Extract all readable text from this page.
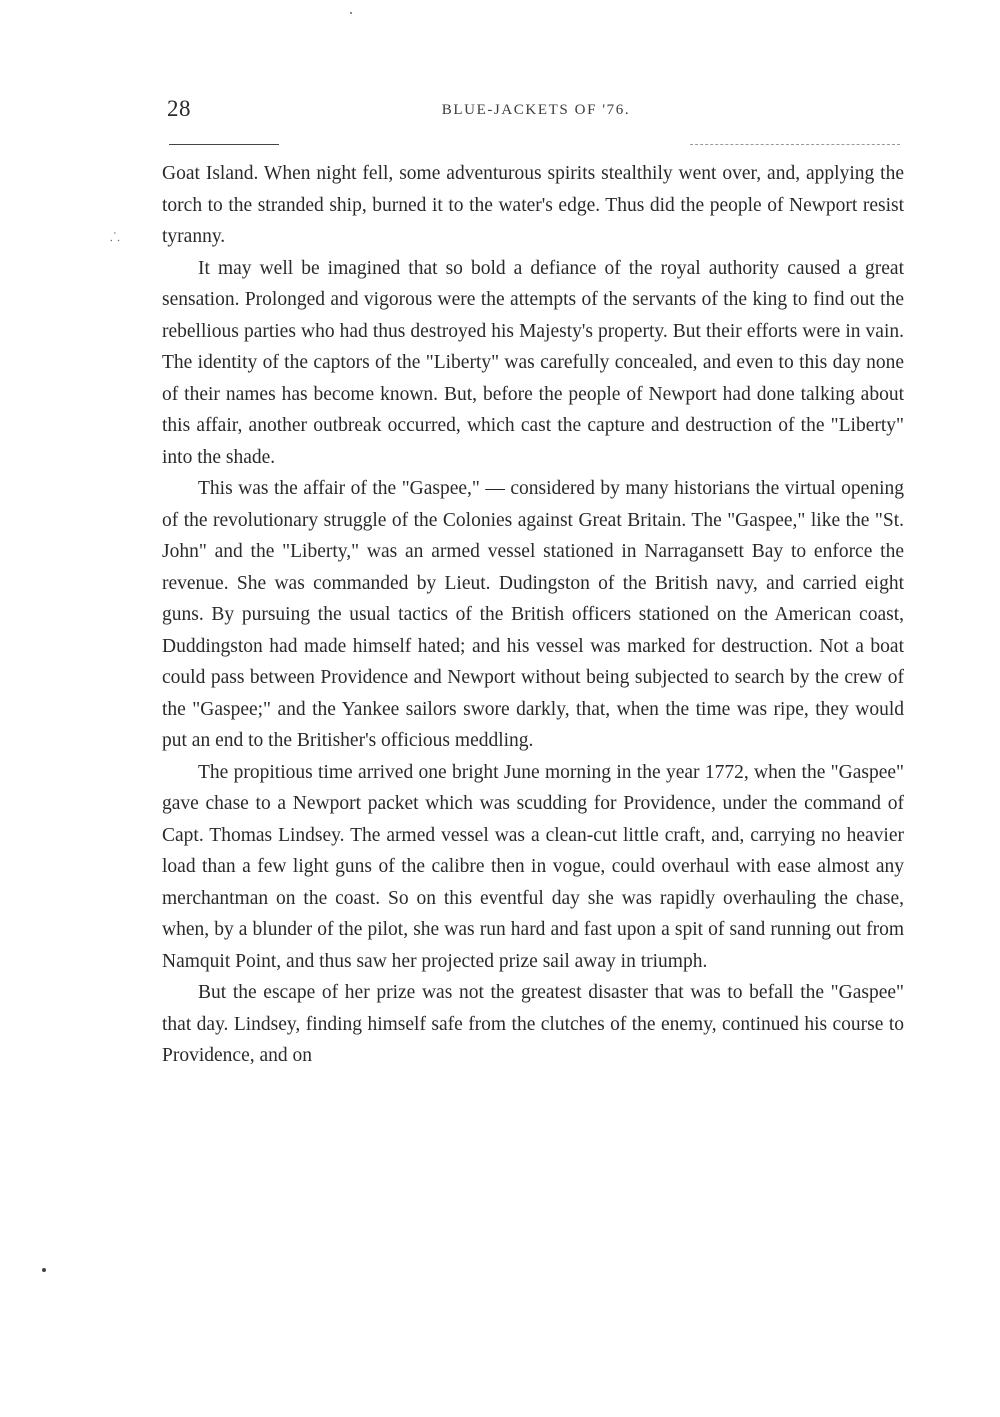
28	BLUE-JACKETS OF '76.
⸫

Goat Island. When night fell, some adventurous spirits stealthily went over, and, applying the torch to the stranded ship, burned it to the water's edge. Thus did the people of Newport resist tyranny.

It may well be imagined that so bold a defiance of the royal authority caused a great sensation. Prolonged and vigorous were the attempts of the servants of the king to find out the rebellious parties who had thus destroyed his Majesty's property. But their efforts were in vain. The identity of the captors of the "Liberty" was carefully concealed, and even to this day none of their names has become known. But, before the people of Newport had done talking about this affair, another outbreak occurred, which cast the capture and destruction of the "Liberty" into the shade.

This was the affair of the "Gaspee," — considered by many historians the virtual opening of the revolutionary struggle of the Colonies against Great Britain. The "Gaspee," like the "St. John" and the "Liberty," was an armed vessel stationed in Narragansett Bay to enforce the revenue. She was commanded by Lieut. Dudingston of the British navy, and carried eight guns. By pursuing the usual tactics of the British officers stationed on the American coast, Duddingston had made himself hated; and his vessel was marked for destruction. Not a boat could pass between Providence and Newport without being subjected to search by the crew of the "Gaspee;" and the Yankee sailors swore darkly, that, when the time was ripe, they would put an end to the Britisher's officious meddling.

The propitious time arrived one bright June morning in the year 1772, when the "Gaspee" gave chase to a Newport packet which was scudding for Providence, under the command of Capt. Thomas Lindsey. The armed vessel was a clean-cut little craft, and, carrying no heavier load than a few light guns of the calibre then in vogue, could overhaul with ease almost any merchantman on the coast. So on this eventful day she was rapidly overhauling the chase, when, by a blunder of the pilot, she was run hard and fast upon a spit of sand running out from Namquit Point, and thus saw her projected prize sail away in triumph.

But the escape of her prize was not the greatest disaster that was to befall the "Gaspee" that day. Lindsey, finding himself safe from the clutches of the enemy, continued his course to Providence, and on
